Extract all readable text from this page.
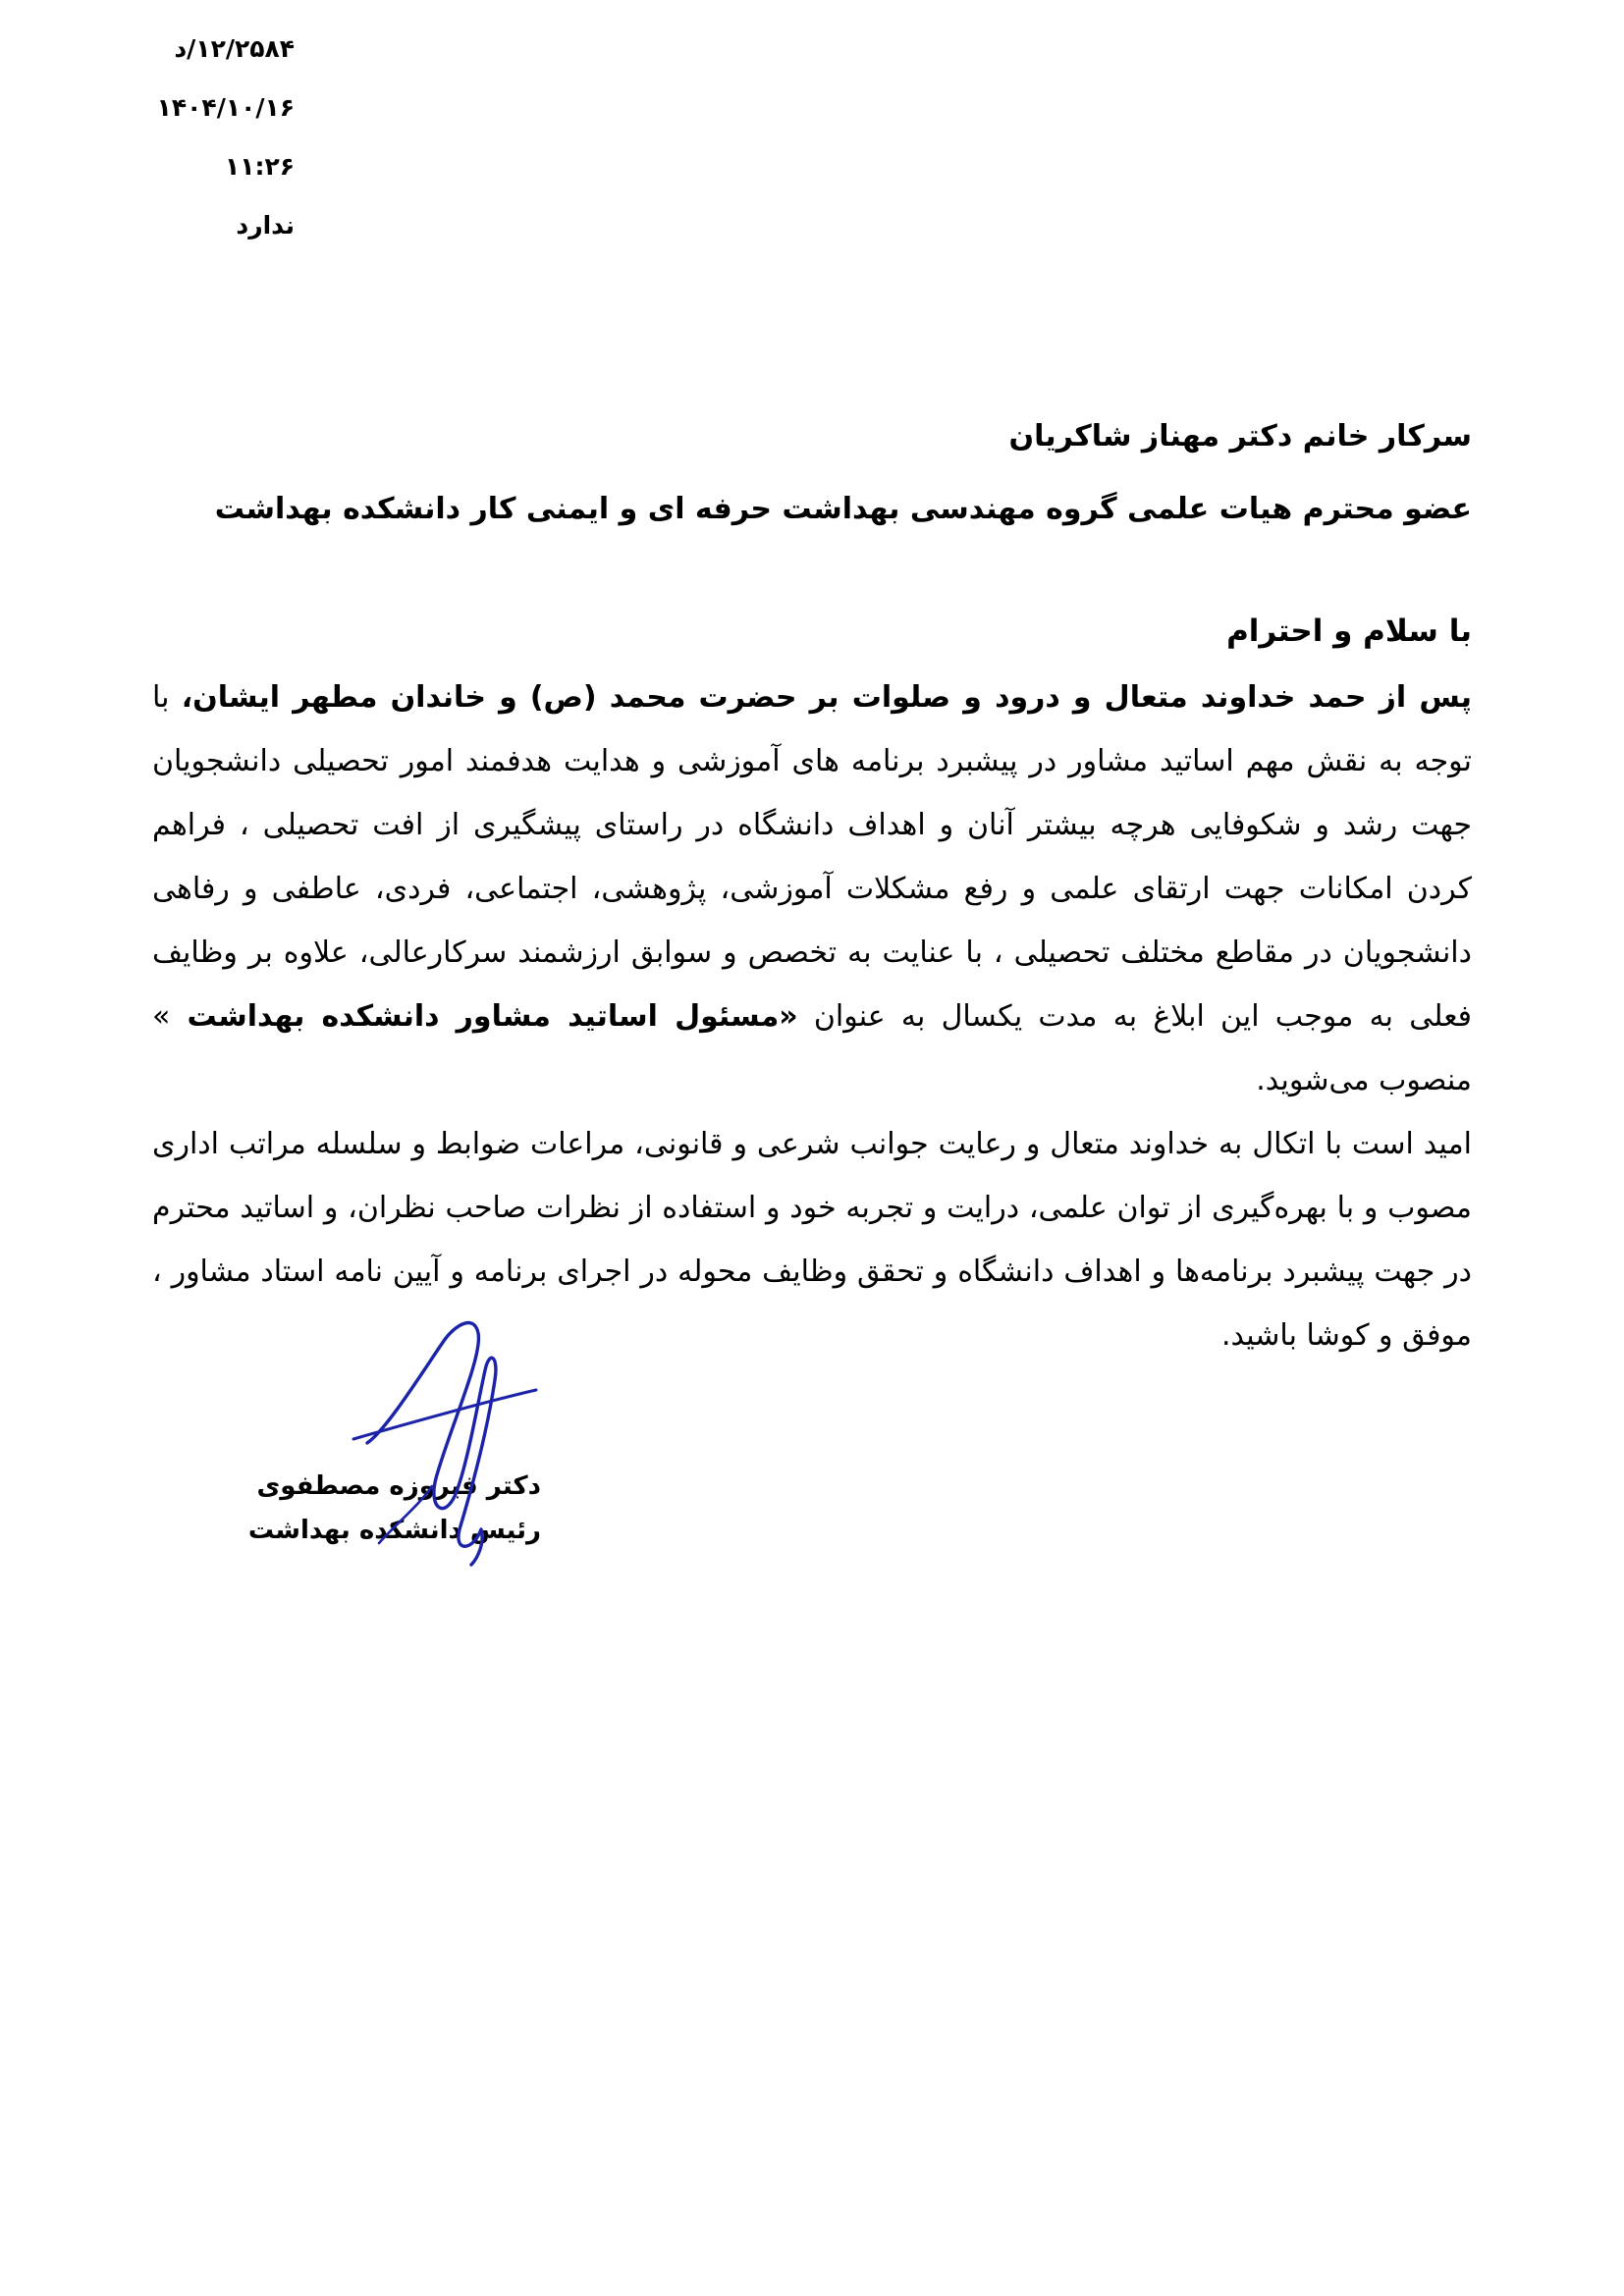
د/۱۲/۲۵۸۴
۱۴۰۴/۱۰/۱۶
۱۱:۲۶
ندارد
سرکار خانم دکتر مهناز شاکریان
عضو محترم هیات علمی گروه مهندسی بهداشت حرفه ای و ایمنی کار دانشکده بهداشت
با سلام و احترام

پس از حمد خداوند متعال و درود و صلوات بر حضرت محمد (ص) و خاندان مطهر ایشان، با توجه به نقش مهم اساتید مشاور در پیشبرد برنامه های آموزشی و هدایت هدفمند امور تحصیلی دانشجویان جهت رشد و شکوفایی هرچه بیشتر آنان و اهداف دانشگاه در راستای پیشگیری از افت تحصیلی ، فراهم کردن امکانات جهت ارتقای علمی و رفع مشکلات آموزشی، پژوهشی، اجتماعی، فردی، عاطفی و رفاهی دانشجویان در مقاطع مختلف تحصیلی ، با عنایت به تخصص و سوابق ارزشمند سرکارعالی، علاوه بر وظایف فعلی به موجب این ابلاغ به مدت یکسال به عنوان «مسئول اساتید مشاور دانشکده بهداشت » منصوب می‌شوید.

امید است با اتکال به خداوند متعال و رعایت جوانب شرعی و قانونی، مراعات ضوابط و سلسله مراتب اداری مصوب و با بهره‌گیری از توان علمی، درایت و تجربه خود و استفاده از نظرات صاحب نظران، و اساتید محترم در جهت پیشبرد برنامه‌ها و اهداف دانشگاه و تحقق وظایف محوله در اجرای برنامه و آیین نامه استاد مشاور ، موفق و کوشا باشید.

دکتر فیروزه مصطفوی
رئیس دانشکده بهداشت
